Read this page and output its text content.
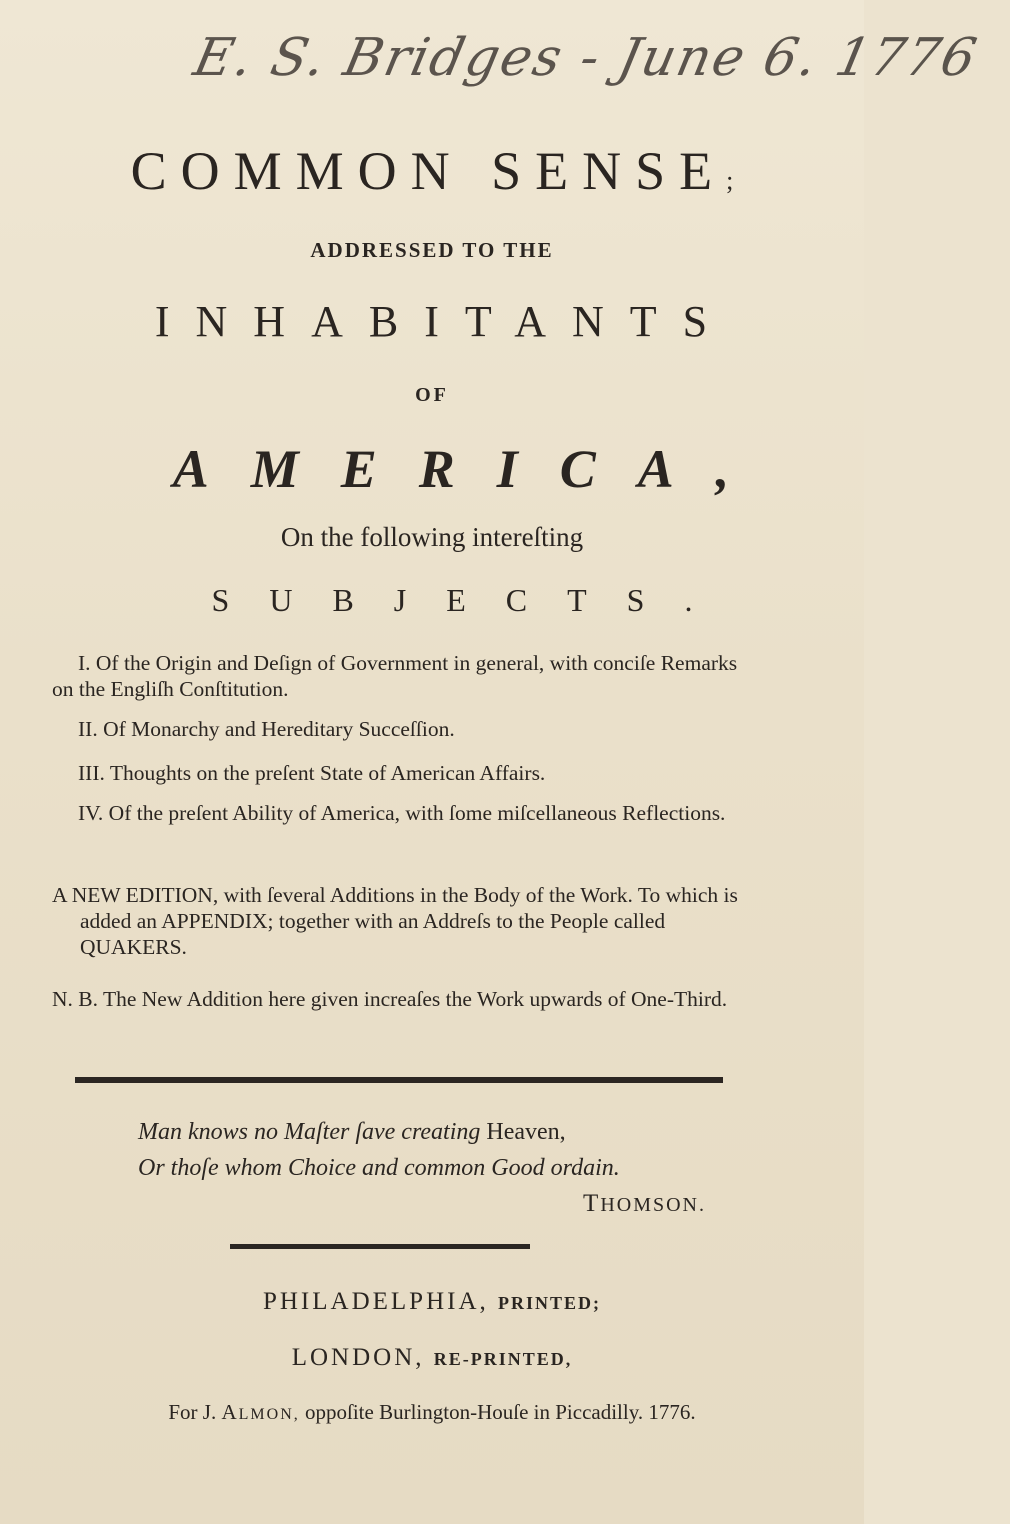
E. S. Bridges - June 6. 1776
COMMON SENSE;
ADDRESSED TO THE
INHABITANTS
OF
AMERICA,
On the following intereſting
SUBJECTS.
I. Of the Origin and Deſign of Government in general, with conciſe Remarks on the Engliſh Conſtitution.
II. Of Monarchy and Hereditary Succeſſion.
III. Thoughts on the preſent State of American Affairs.
IV. Of the preſent Ability of America, with ſome miſcellaneous Reflections.
A NEW EDITION, with ſeveral Additions in the Body of the Work. To which is added an APPENDIX; together with an Addreſs to the People called QUAKERS.
N. B. The New Addition here given increaſes the Work upwards of One-Third.
Man knows no Maſter ſave creating Heaven,
Or thoſe whom Choice and common Good ordain.
THOMSON.
PHILADELPHIA, PRINTED;
LONDON, RE-PRINTED,
For J. ALMON, oppoſite Burlington-Houſe in Piccadilly. 1776.
